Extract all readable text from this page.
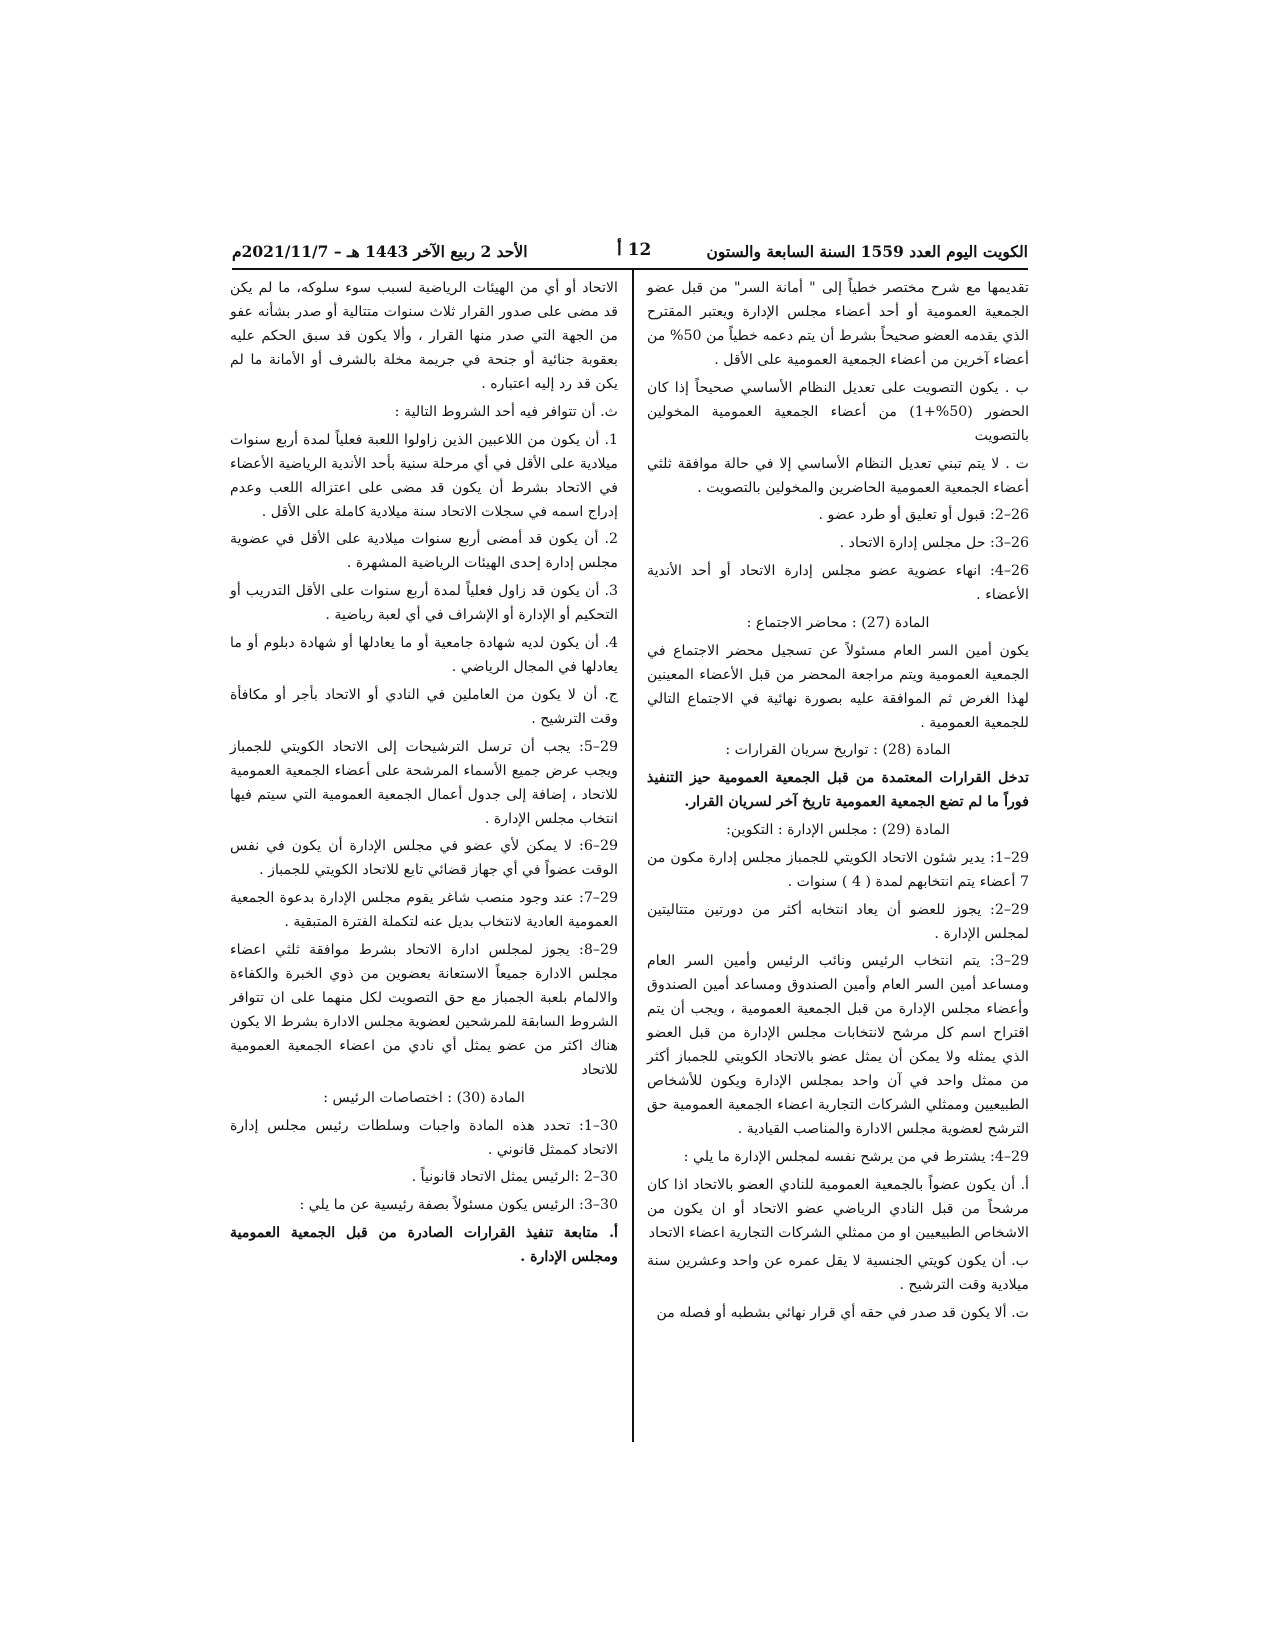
الكويت اليوم العدد 1559 السنة السابعة والستون
12 أ
الأحد 2 ربيع الآخر 1443 هـ – 2021/11/7م

تقديمها مع شرح مختصر خطياً إلى " أمانة السر" من قبل عضو الجمعية العمومية أو أحد أعضاء مجلس الإدارة ويعتبر المقترح الذي يقدمه العضو صحيحاً بشرط أن يتم دعمه خطياً من 50% من أعضاء آخرين من أعضاء الجمعية العمومية على الأقل .

ب . يكون التصويت على تعديل النظام الأساسي صحيحاً إذا كان الحضور (50%+1) من أعضاء الجمعية العمومية المخولين بالتصويت

ت . لا يتم تبني تعديل النظام الأساسي إلا في حالة موافقة ثلثي أعضاء الجمعية العمومية الحاضرين والمخولين بالتصويت .

26–2: قبول أو تعليق أو طرد عضو .

26–3: حل مجلس إدارة الاتحاد .

26–4: انهاء عضوية عضو مجلس إدارة الاتحاد أو أحد الأندية الأعضاء .

المادة (27) : محاضر الاجتماع :

يكون أمين السر العام مسئولاً عن تسجيل محضر الاجتماع في الجمعية العمومية ويتم مراجعة المحضر من قبل الأعضاء المعينين لهذا الغرض ثم الموافقة عليه بصورة نهائية في الاجتماع التالي للجمعية العمومية .

المادة (28) : تواريخ سريان القرارات :

تدخل القرارات المعتمدة من قبل الجمعية العمومية حيز التنفيذ فوراً ما لم تضع الجمعية العمومية تاريخ آخر لسريان القرار.

المادة (29) : مجلس الإدارة : التكوين:

29–1: يدير شئون الاتحاد الكويتي للجمباز مجلس إدارة مكون من 7 أعضاء يتم انتخابهم لمدة ( 4 ) سنوات .

29–2: يجوز للعضو أن يعاد انتخابه أكثر من دورتين متتاليتين لمجلس الإدارة .

29–3: يتم انتخاب الرئيس ونائب الرئيس وأمين السر العام ومساعد أمين السر العام وأمين الصندوق ومساعد أمين الصندوق وأعضاء مجلس الإدارة من قبل الجمعية العمومية ، ويجب أن يتم اقتراح اسم كل مرشح لانتخابات مجلس الإدارة من قبل العضو الذي يمثله ولا يمكن أن يمثل عضو بالاتحاد الكويتي للجمباز أكثر من ممثل واحد في آن واحد بمجلس الإدارة ويكون للأشخاص الطبيعيين وممثلي الشركات التجارية اعضاء الجمعية العمومية حق الترشح لعضوية مجلس الادارة والمناصب القيادية .

29–4: يشترط في من يرشح نفسه لمجلس الإدارة ما يلي :

أ. أن يكون عضواً بالجمعية العمومية للنادي العضو بالاتحاد اذا كان مرشحاً من قبل النادي الرياضي عضو الاتحاد أو ان يكون من الاشخاص الطبيعيين او من ممثلي الشركات التجارية اعضاء الاتحاد

ب. أن يكون كويتي الجنسية لا يقل عمره عن واحد وعشرين سنة ميلادية وقت الترشيح .

ت. ألا يكون قد صدر في حقه أي قرار نهائي بشطبه أو فصله من

الاتحاد أو أي من الهيئات الرياضية لسبب سوء سلوكه، ما لم يكن قد مضى على صدور القرار ثلاث سنوات متتالية أو صدر بشأنه عفو من الجهة التي صدر منها القرار ، وألا يكون قد سبق الحكم عليه بعقوبة جنائية أو جنحة في جريمة مخلة بالشرف أو الأمانة ما لم يكن قد رد إليه اعتباره .

ث. أن تتوافر فيه أحد الشروط التالية :

1. أن يكون من اللاعبين الذين زاولوا اللعبة فعلياً لمدة أربع سنوات ميلادية على الأقل في أي مرحلة سنية بأحد الأندية الرياضية الأعضاء في الاتحاد بشرط أن يكون قد مضى على اعتزاله اللعب وعدم إدراج اسمه في سجلات الاتحاد سنة ميلادية كاملة على الأقل .

2. أن يكون قد أمضى أربع سنوات ميلادية على الأقل في عضوية مجلس إدارة إحدى الهيئات الرياضية المشهرة .

3. أن يكون قد زاول فعلياً لمدة أربع سنوات على الأقل التدريب أو التحكيم أو الإدارة أو الإشراف في أي لعبة رياضية .

4. أن يكون لديه شهادة جامعية أو ما يعادلها أو شهادة دبلوم أو ما يعادلها في المجال الرياضي .

ج. أن لا يكون من العاملين في النادي أو الاتحاد بأجر أو مكافأة وقت الترشيح .

29–5: يجب أن ترسل الترشيحات إلى الاتحاد الكويتي للجمباز ويجب عرض جميع الأسماء المرشحة على أعضاء الجمعية العمومية للاتحاد ، إضافة إلى جدول أعمال الجمعية العمومية التي سيتم فيها انتخاب مجلس الإدارة .

29–6: لا يمكن لأي عضو في مجلس الإدارة أن يكون في نفس الوقت عضواً في أي جهاز قضائي تابع للاتحاد الكويتي للجمباز .

29–7: عند وجود منصب شاغر يقوم مجلس الإدارة بدعوة الجمعية العمومية العادية لانتخاب بديل عنه لتكملة الفترة المتبقية .

29–8: يجوز لمجلس ادارة الاتحاد بشرط موافقة ثلثي اعضاء مجلس الادارة جميعاً الاستعانة بعضوين من ذوي الخبرة والكفاءة والالمام بلعبة الجمباز مع حق التصويت لكل منهما على ان تتوافر الشروط السابقة للمرشحين لعضوية مجلس الادارة بشرط الا يكون هناك اكثر من عضو يمثل أي نادي من اعضاء الجمعية العمومية للاتحاد

المادة (30) : اختصاصات الرئيس :

30–1: تحدد هذه المادة واجبات وسلطات رئيس مجلس إدارة الاتحاد كممثل قانوني .

30–2 :الرئيس يمثل الاتحاد قانونياً .

30–3: الرئيس يكون مسئولاً بصفة رئيسية عن ما يلي :

أ. متابعة تنفيذ القرارات الصادرة من قبل الجمعية العمومية ومجلس الإدارة .
